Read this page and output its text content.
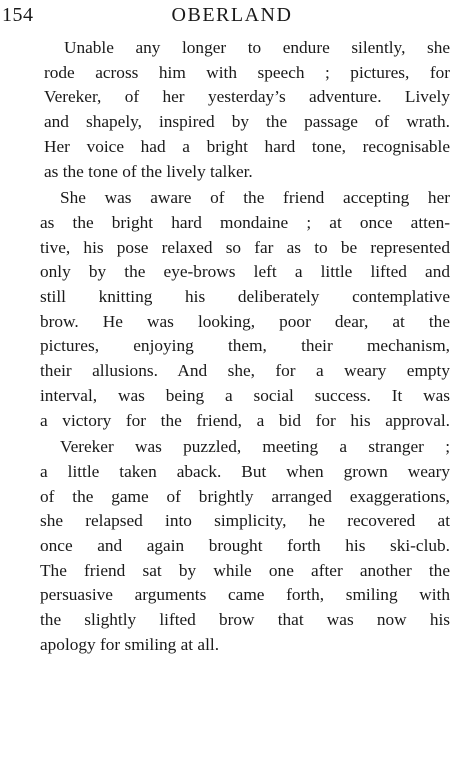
154	OBERLAND

Unable any longer to endure silently, she
rode across him with speech ; pictures, for
Vereker, of her yesterday’s adventure. Lively
and shapely, inspired by the passage of wrath.
Her voice had a bright hard tone, recognisable
as the tone of the lively talker.

She was aware of the friend accepting her
as the bright hard mondaine ; at once atten-
tive, his pose relaxed so far as to be represented
only by the eye-brows left a little lifted and
still knitting his deliberately contemplative
brow. He was looking, poor dear, at the
pictures, enjoying them, their mechanism,
their allusions. And she, for a weary empty
interval, was being a social success. It was
a victory for the friend, a bid for his approval.

Vereker was puzzled, meeting a stranger ;
a little taken aback. But when grown weary
of the game of brightly arranged exaggerations,
she relapsed into simplicity, he recovered at
once and again brought forth his ski-club.
The friend sat by while one after another the
persuasive arguments came forth, smiling with
the slightly lifted brow that was now his
apology for smiling at all.
